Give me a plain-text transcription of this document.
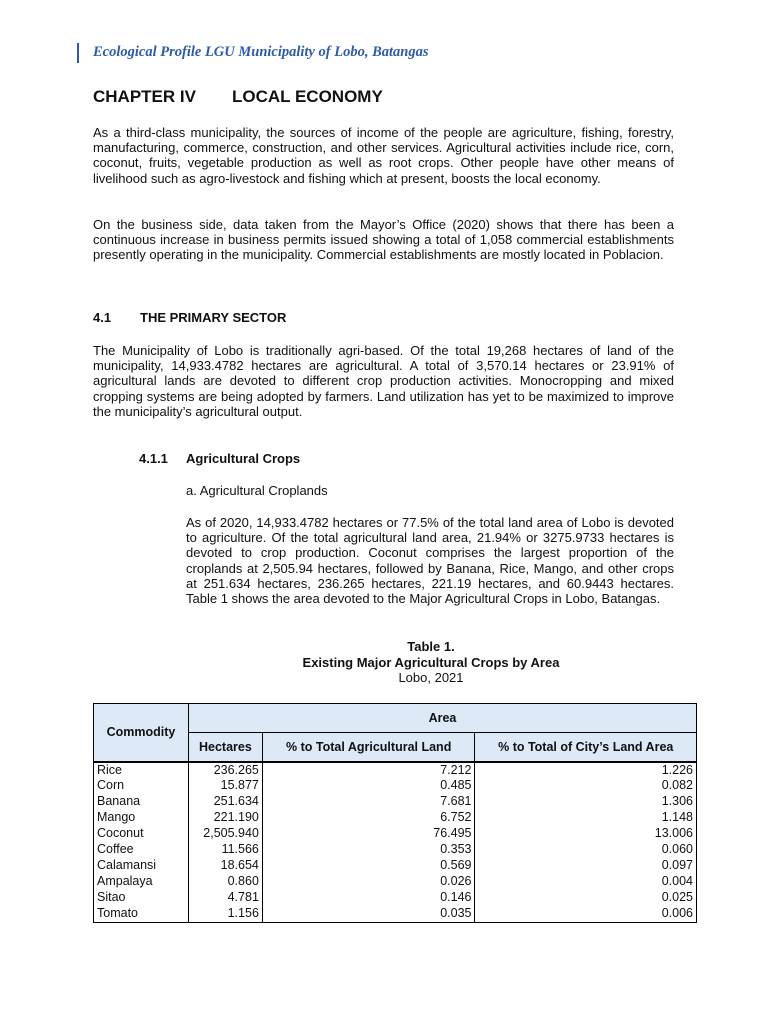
Ecological Profile LGU Municipality of Lobo, Batangas
CHAPTER IV LOCAL ECONOMY

As a third-class municipality, the sources of income of the people are agriculture, fishing, forestry, manufacturing, commerce, construction, and other services. Agricultural activities include rice, corn, coconut, fruits, vegetable production as well as root crops. Other people have other means of livelihood such as agro-livestock and fishing which at present, boosts the local economy.

On the business side, data taken from the Mayor’s Office (2020) shows that there has been a continuous increase in business permits issued showing a total of 1,058 commercial establishments presently operating in the municipality. Commercial establishments are mostly located in Poblacion.

4.1 THE PRIMARY SECTOR

The Municipality of Lobo is traditionally agri-based. Of the total 19,268 hectares of land of the municipality, 14,933.4782 hectares are agricultural. A total of 3,570.14 hectares or 23.91% of agricultural lands are devoted to different crop production activities. Monocropping and mixed cropping systems are being adopted by farmers. Land utilization has yet to be maximized to improve the municipality’s agricultural output.

4.1.1 Agricultural Crops
a. Agricultural Croplands

As of 2020, 14,933.4782 hectares or 77.5% of the total land area of Lobo is devoted to agriculture. Of the total agricultural land area, 21.94% or 3275.9733 hectares is devoted to crop production. Coconut comprises the largest proportion of the croplands at 2,505.94 hectares, followed by Banana, Rice, Mango, and other crops at 251.634 hectares, 236.265 hectares, 221.19 hectares, and 60.9443 hectares. Table 1 shows the area devoted to the Major Agricultural Crops in Lobo, Batangas.

Table 1.
Existing Major Agricultural Crops by Area
Lobo, 2021
Commodity	Area		
	Hectares	% to Total Agricultural Land	% to Total of City’s Land Area
Rice	236.265	7.212	1.226
Corn	15.877	0.485	0.082
Banana	251.634	7.681	1.306
Mango	221.190	6.752	1.148
Coconut	2,505.940	76.495	13.006
Coffee	11.566	0.353	0.060
Calamansi	18.654	0.569	0.097
Ampalaya	0.860	0.026	0.004
Sitao	4.781	0.146	0.025
Tomato	1.156	0.035	0.006
